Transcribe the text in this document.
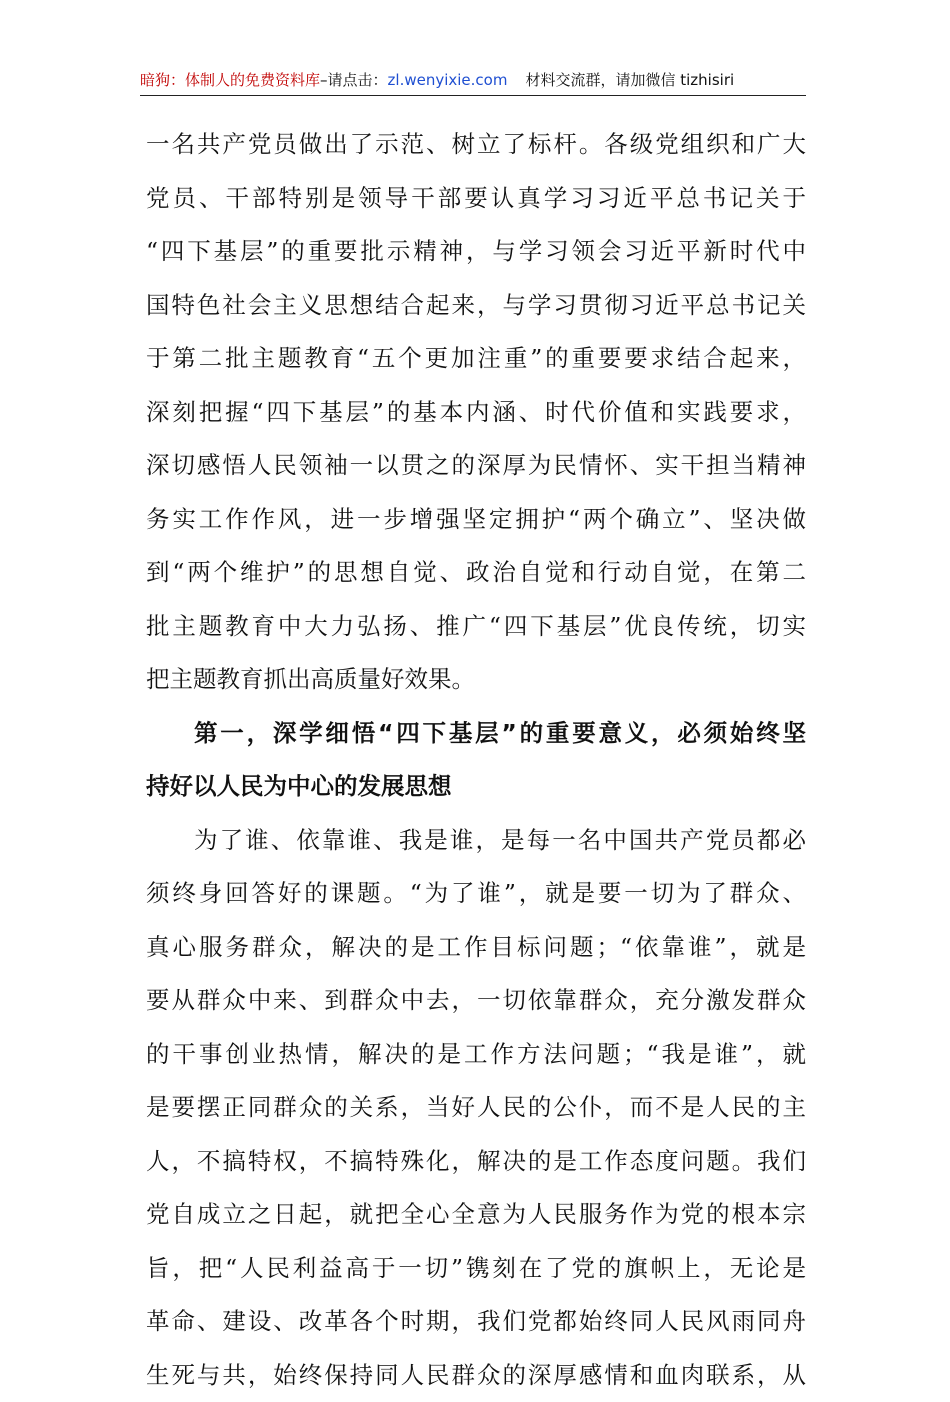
暗狗：体制人的免费资料库–请点击：zl.wenyixie.com 材料交流群，请加微信 tizhisiri
一名共产党员做出了示范、树立了标杆。各级党组织和广大
党员、干部特别是领导干部要认真学习习近平总书记关于
“四下基层”的重要批示精神，与学习领会习近平新时代中
国特色社会主义思想结合起来，与学习贯彻习近平总书记关
于第二批主题教育“五个更加注重”的重要要求结合起来，
深刻把握“四下基层”的基本内涵、时代价值和实践要求，
深切感悟人民领袖一以贯之的深厚为民情怀、实干担当精神
务实工作作风，进一步增强坚定拥护“两个确立”、坚决做
到“两个维护”的思想自觉、政治自觉和行动自觉，在第二
批主题教育中大力弘扬、推广“四下基层”优良传统，切实
把主题教育抓出高质量好效果。
第一，深学细悟“四下基层”的重要意义，必须始终坚
持好以人民为中心的发展思想
为了谁、依靠谁、我是谁，是每一名中国共产党员都必
须终身回答好的课题。“为了谁”，就是要一切为了群众、
真心服务群众，解决的是工作目标问题；“依靠谁”，就是
要从群众中来、到群众中去，一切依靠群众，充分激发群众
的干事创业热情，解决的是工作方法问题；“我是谁”，就
是要摆正同群众的关系，当好人民的公仆，而不是人民的主
人，不搞特权，不搞特殊化，解决的是工作态度问题。我们
党自成立之日起，就把全心全意为人民服务作为党的根本宗
旨，把“人民利益高于一切”镌刻在了党的旗帜上，无论是
革命、建设、改革各个时期，我们党都始终同人民风雨同舟
生死与共，始终保持同人民群众的深厚感情和血肉联系，从
